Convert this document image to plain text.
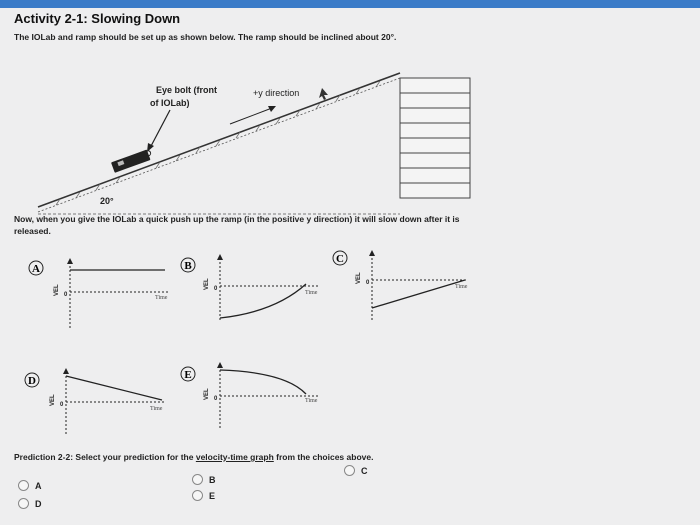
Activity 2-1: Slowing Down
The IOLab and ramp should be set up as shown below. The ramp should be inclined about 20°.
Eye bolt (front
of IOLab)
+y direction
20°
Now, when you give the IOLab a quick push up the ramp (in the positive y direction) it will slow down after it is released.
A
VEL 0	Time
B
VEL 0
Time
C
VEL 0
Time
D
VEL 0
Time
E
VEL 0	Time
Prediction 2-2: Select your prediction for the velocity-time graph from the choices above.
A
B
C
D
E
